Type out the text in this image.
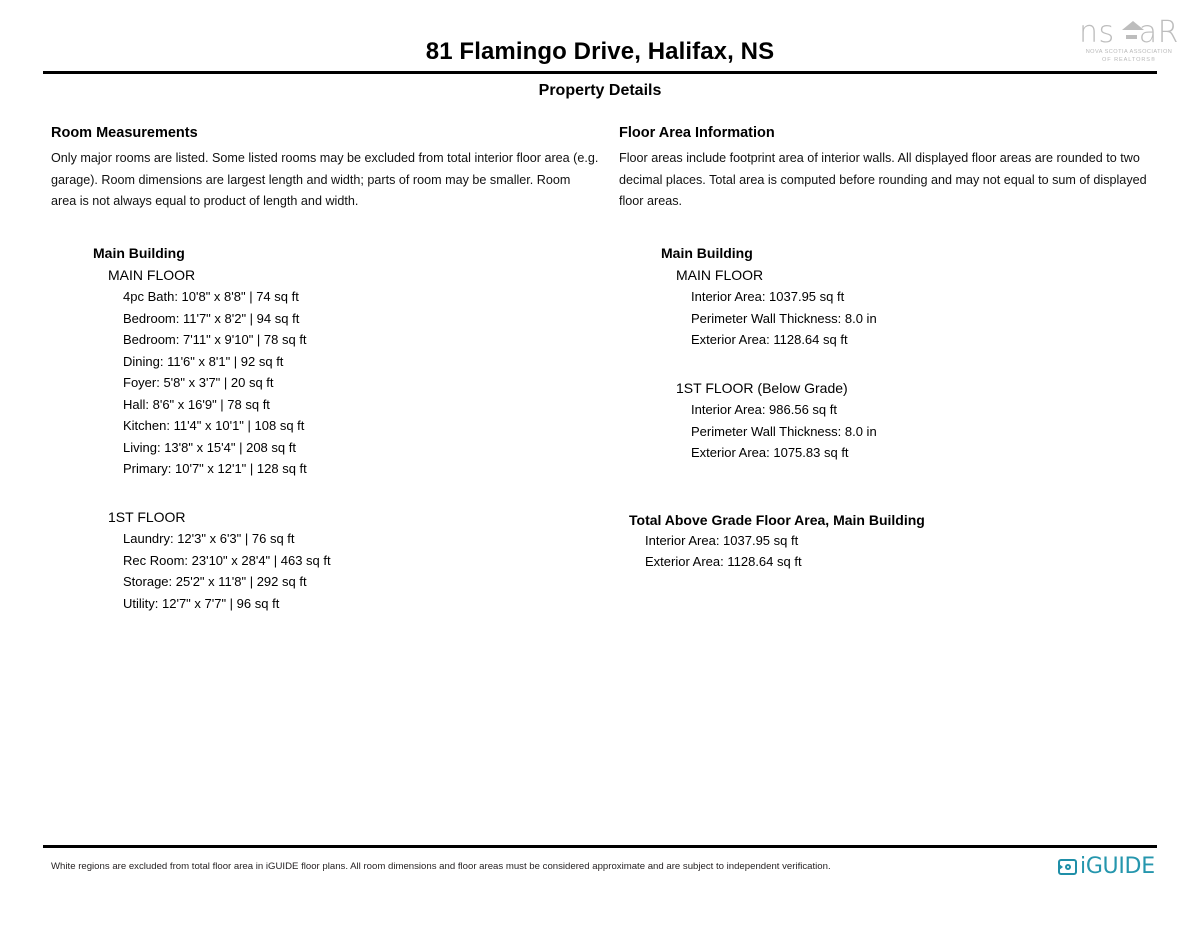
81 Flamingo Drive, Halifax, NS
Property Details
ns aR
NOVA SCOTIA ASSOCIATION
OF REALTORS®
Room Measurements

Only major rooms are listed. Some listed rooms may be excluded from total interior floor area (e.g. garage). Room dimensions are largest length and width; parts of room may be smaller. Room area is not always equal to product of length and width.

Main Building
MAIN FLOOR
4pc Bath: 10'8" x 8'8" | 74 sq ft
Bedroom: 11'7" x 8'2" | 94 sq ft
Bedroom: 7'11" x 9'10" | 78 sq ft
Dining: 11'6" x 8'1" | 92 sq ft
Foyer: 5'8" x 3'7" | 20 sq ft
Hall: 8'6" x 16'9" | 78 sq ft
Kitchen: 11'4" x 10'1" | 108 sq ft
Living: 13'8" x 15'4" | 208 sq ft
Primary: 10'7" x 12'1" | 128 sq ft
1ST FLOOR
Laundry: 12'3" x 6'3" | 76 sq ft
Rec Room: 23'10" x 28'4" | 463 sq ft
Storage: 25'2" x 11'8" | 292 sq ft
Utility: 12'7" x 7'7" | 96 sq ft
Floor Area Information

Floor areas include footprint area of interior walls. All displayed floor areas are rounded to two decimal places. Total area is computed before rounding and may not equal to sum of displayed floor areas.

Main Building
MAIN FLOOR
Interior Area: 1037.95 sq ft
Perimeter Wall Thickness: 8.0 in
Exterior Area: 1128.64 sq ft
1ST FLOOR (Below Grade)
Interior Area: 986.56 sq ft
Perimeter Wall Thickness: 8.0 in
Exterior Area: 1075.83 sq ft
Total Above Grade Floor Area, Main Building
Interior Area: 1037.95 sq ft
Exterior Area: 1128.64 sq ft
White regions are excluded from total floor area in iGUIDE floor plans. All room dimensions and floor areas must be considered approximate and are subject to independent verification.	iGUIDE
